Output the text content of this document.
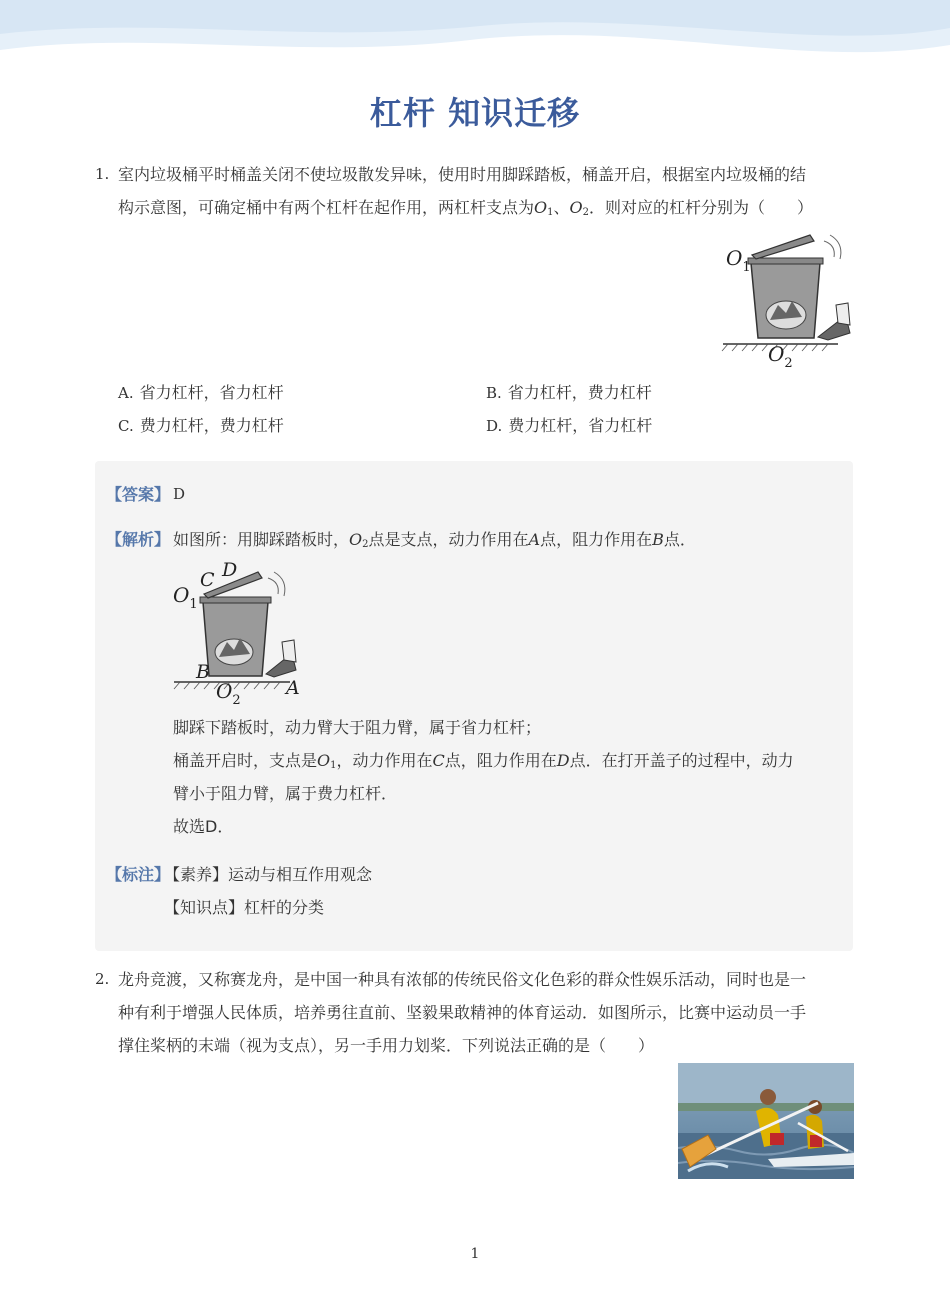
杠杆 知识迁移
1. 室内垃圾桶平时桶盖关闭不使垃圾散发异味，使用时用脚踩踏板，桶盖开启，根据室内垃圾桶的结
构示意图，可确定桶中有两个杠杆在起作用，两杠杆支点为O1、O2．则对应的杠杆分别为（　　）
$O_1$
$O_2$
A. 省力杠杆，省力杠杆	B. 省力杠杆，费力杠杆
C. 费力杠杆，费力杠杆	D. 费力杠杆，省力杠杆
【答案】 D
【解析】 如图所：用脚踩踏板时，O2点是支点，动力作用在A点，阻力作用在B点．
C D
$O_1$
B
$O_2$
A
脚踩下踏板时，动力臂大于阻力臂，属于省力杠杆；
桶盖开启时，支点是O1，动力作用在C点，阻力作用在D点．在打开盖子的过程中，动力
臂小于阻力臂，属于费力杠杆．
故选D．
【标注】
【素养】运动与相互作用观念
【知识点】杠杆的分类
2. 龙舟竞渡，又称赛龙舟，是中国一种具有浓郁的传统民俗文化色彩的群众性娱乐活动，同时也是一
种有利于增强人民体质，培养勇往直前、坚毅果敢精神的体育运动．如图所示，比赛中运动员一手
撑住桨柄的末端（视为支点），另一手用力划桨．下列说法正确的是（　　）
1
